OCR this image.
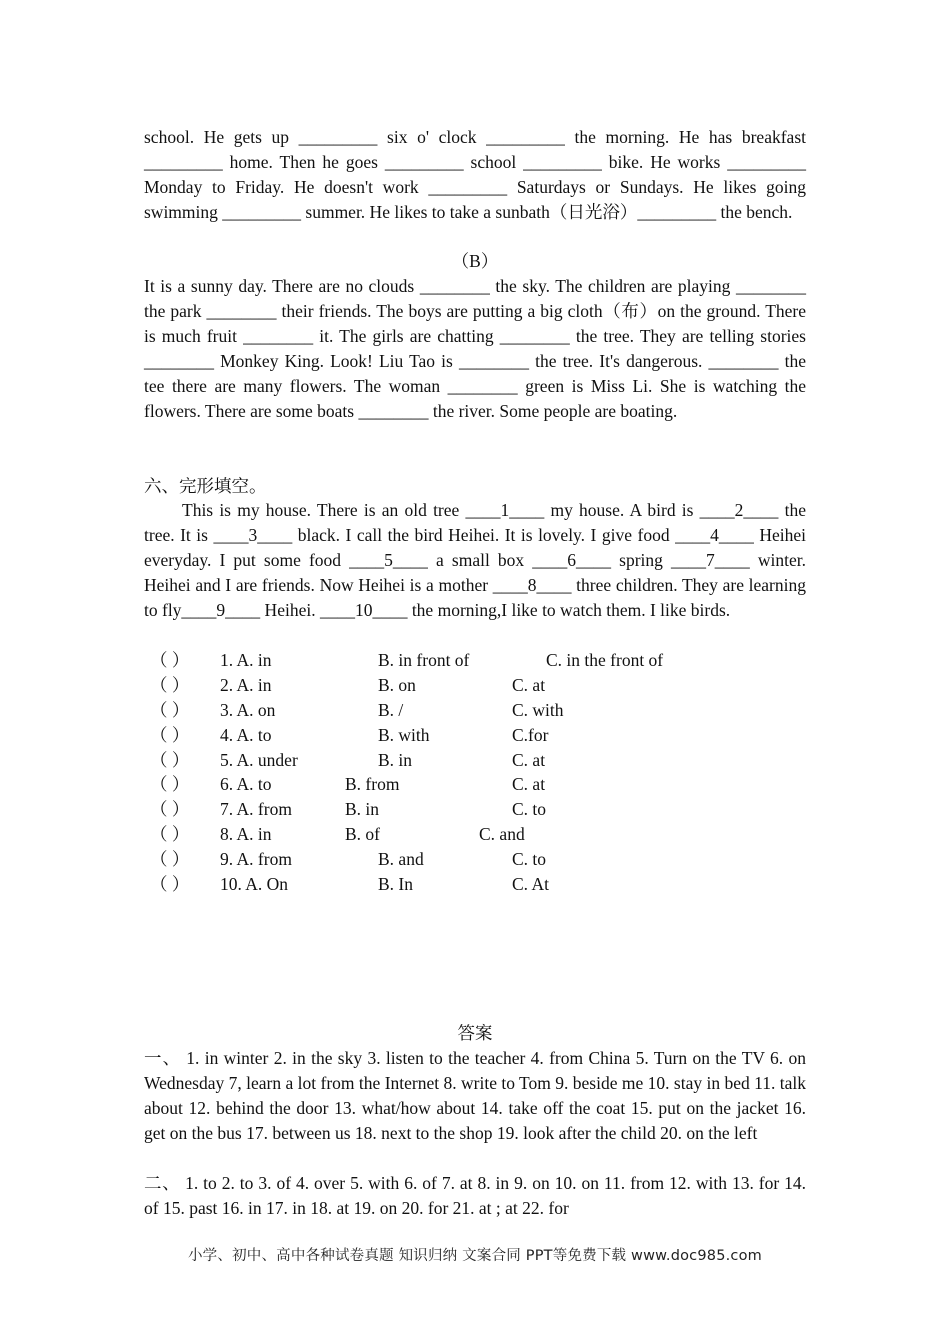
school. He gets up _________ six o' clock _________ the morning. He has breakfast _________ home. Then he goes _________ school _________ bike. He works _________ Monday to Friday. He doesn't work _________ Saturdays or Sundays. He likes going swimming _________ summer. He likes to take a sunbath（日光浴）_________ the bench.

（B）

It is a sunny day. There are no clouds ________ the sky. The children are playing ________ the park ________ their friends. The boys are putting a big cloth（布）on the ground. There is much fruit ________ it. The girls are chatting ________ the tree. They are telling stories ________ Monkey King. Look! Liu Tao is ________ the tree. It's dangerous. ________ the tee there are many flowers. The woman ________ green is Miss Li. She is watching the flowers. There are some boats ________ the river. Some people are boating.

六、完形填空。

This is my house. There is an old tree ____1____ my house. A bird is ____2____ the tree. It is ____3____ black. I call the bird Heihei. It is lovely. I give food ____4____ Heihei everyday. I put some food ____5____ a small box ____6____ spring ____7____ winter. Heihei and I are friends. Now Heihei is a mother ____8____ three children. They are learning to fly____9____ Heihei. ____10____ the morning,I like to watch them. I like birds.

（ ） 1. A. in	B. in front of	C. in the front of
（ ） 2. A. in	B. on	C. at
（ ） 3. A. on	B. /	C. with
（ ） 4. A. to	B. with	C.for
（ ） 5. A. under	B. in	C. at
（ ） 6. A. to	B. from	C. at
（ ） 7. A. from	B. in	C. to
（ ） 8. A. in	B. of	C. and
（ ） 9. A. from	B. and	C. to
（ ） 10. A. On	B. In	C. At

答案

一、 1. in winter 2. in the sky 3. listen to the teacher 4. from China 5. Turn on the TV 6. on Wednesday 7, learn a lot from the Internet 8. write to Tom 9. beside me 10. stay in bed 11. talk about 12. behind the door 13. what/how about 14. take off the coat 15. put on the jacket 16. get on the bus 17. between us 18. next to the shop 19. look after the child 20. on the left

二、 1. to 2. to 3. of 4. over 5. with 6. of 7. at 8. in 9. on 10. on 11. from 12. with 13. for 14. of 15. past 16. in 17. in 18. at 19. on 20. for 21. at ; at 22. for

小学、初中、高中各种试卷真题 知识归纳 文案合同 PPT等免费下载 www.doc985.com
